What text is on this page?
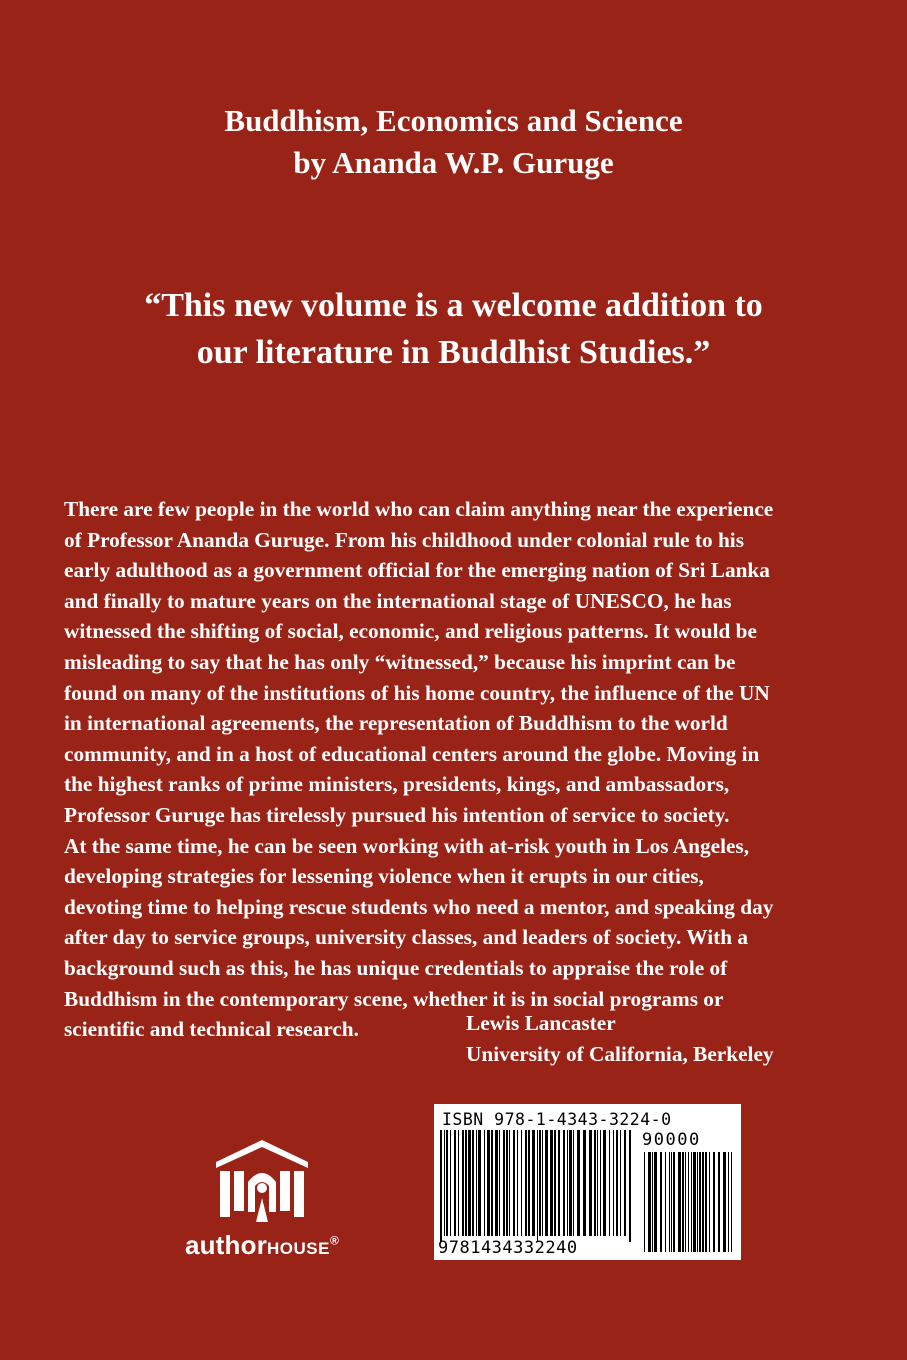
Buddhism, Economics and Science
by Ananda W.P. Guruge
“This new volume is a welcome addition to
our literature in Buddhist Studies.”
There are few people in the world who can claim anything near the experience
of Professor Ananda Guruge. From his childhood under colonial rule to his
early adulthood as a government official for the emerging nation of Sri Lanka
and finally to mature years on the international stage of UNESCO, he has
witnessed the shifting of social, economic, and religious patterns. It would be
misleading to say that he has only “witnessed,” because his imprint can be
found on many of the institutions of his home country, the influence of the UN
in international agreements, the representation of Buddhism to the world
community, and in a host of educational centers around the globe. Moving in
the highest ranks of prime ministers, presidents, kings, and ambassadors,
Professor Guruge has tirelessly pursued his intention of service to society.
At the same time, he can be seen working with at-risk youth in Los Angeles,
developing strategies for lessening violence when it erupts in our cities,
devoting time to helping rescue students who need a mentor, and speaking day
after day to service groups, university classes, and leaders of society. With a
background such as this, he has unique credentials to appraise the role of
Buddhism in the contemporary scene, whether it is in social programs or
scientific and technical research.	Lewis Lancaster
University of California, Berkeley
authorHOUSE®
ISBN 978-1-4343-3224-0
90000
9781434332240
